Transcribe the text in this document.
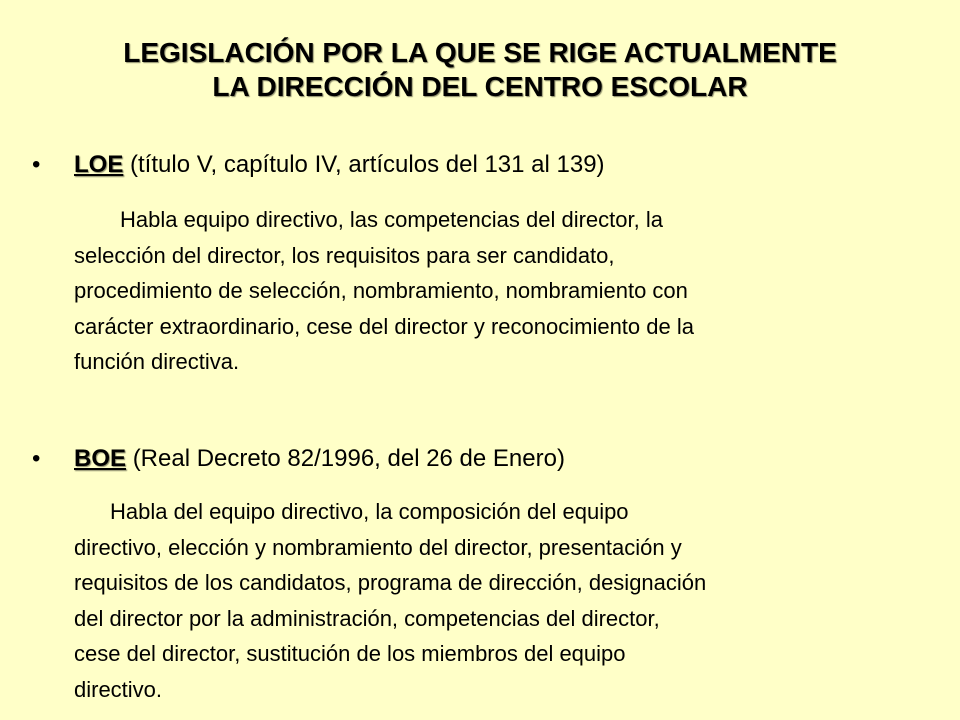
LEGISLACIÓN POR LA QUE SE RIGE ACTUALMENTE
LA DIRECCIÓN DEL CENTRO ESCOLAR
• LOE (título V, capítulo IV, artículos del 131 al 139)
Habla equipo directivo, las competencias del director, la
selección del director, los requisitos para ser candidato,
procedimiento de selección, nombramiento, nombramiento con
carácter extraordinario, cese del director y reconocimiento de la
función directiva.
• BOE (Real Decreto 82/1996, del 26 de Enero)
Habla del equipo directivo, la composición del equipo
directivo, elección y nombramiento del director, presentación y
requisitos de los candidatos, programa de dirección, designación
del director por la administración, competencias del director,
cese del director, sustitución de los miembros del equipo
directivo.
